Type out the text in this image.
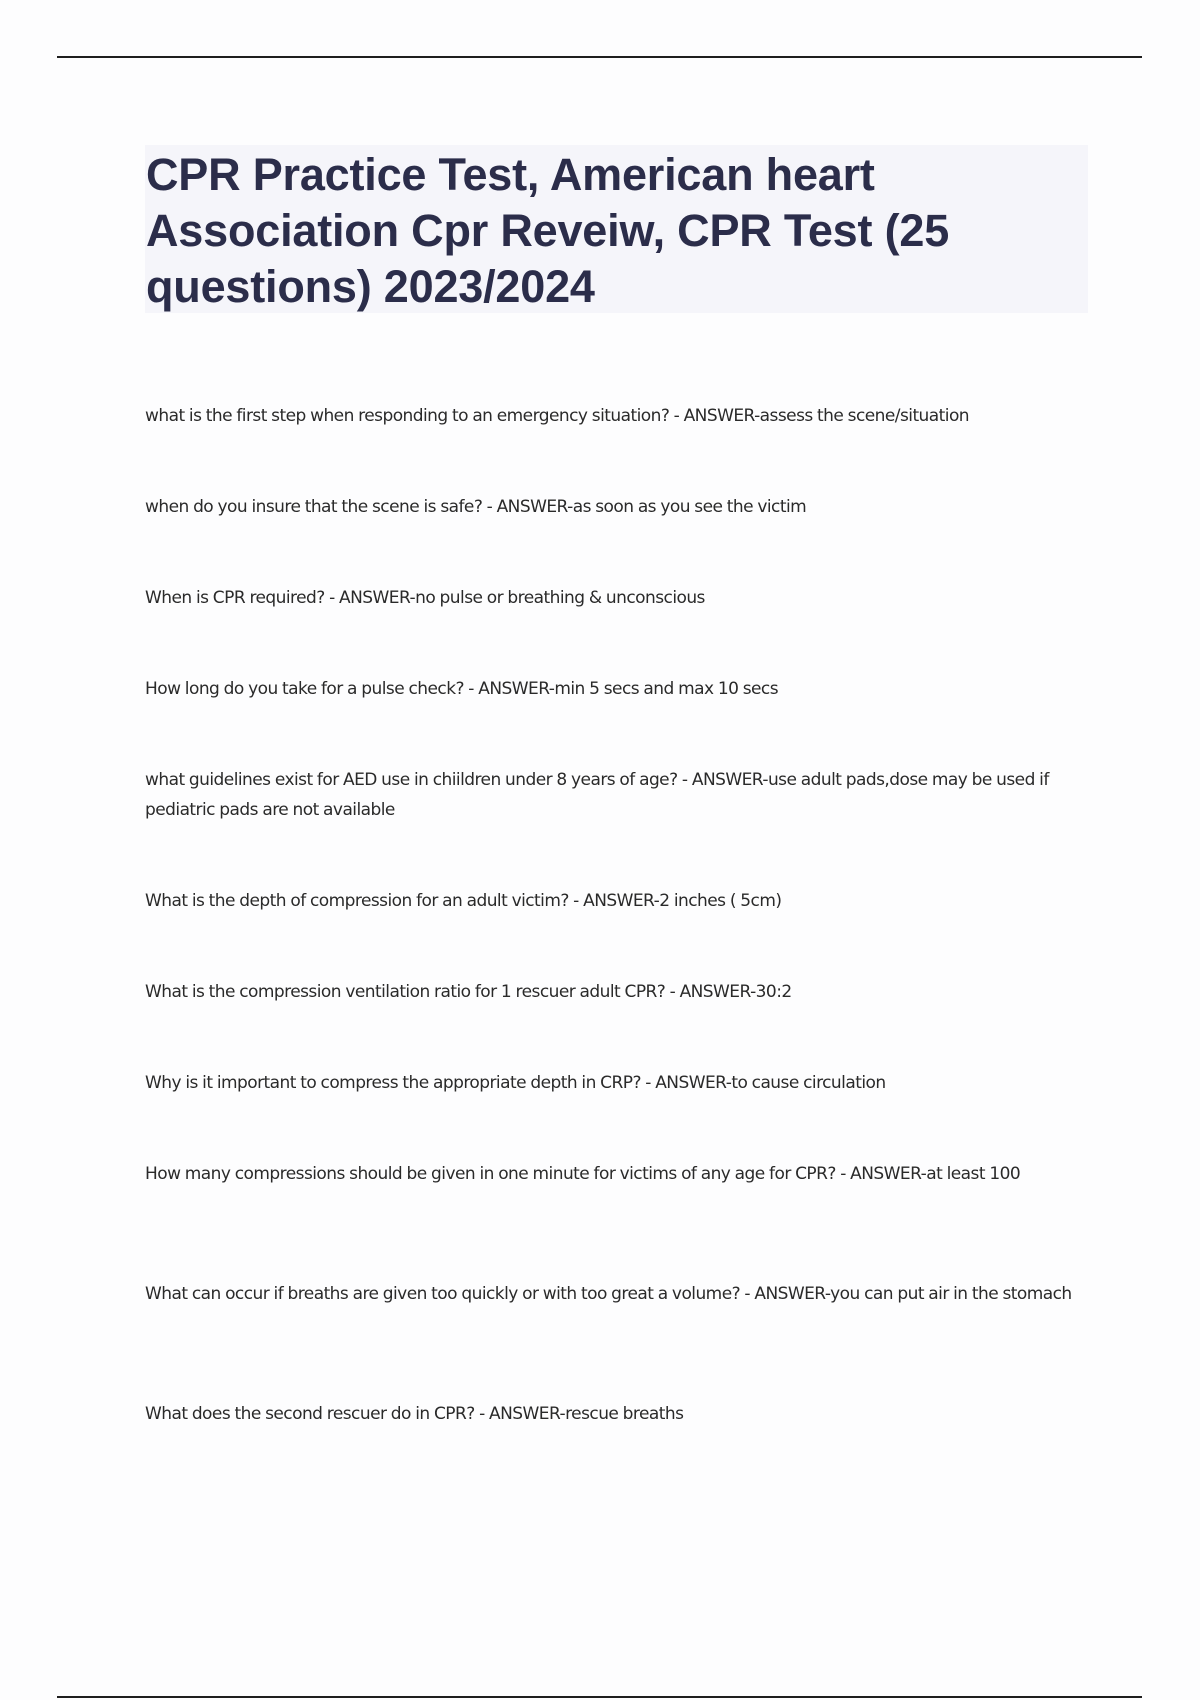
CPR Practice Test, American heart Association Cpr Reveiw, CPR Test (25 questions) 2023/2024

what is the first step when responding to an emergency situation? - ANSWER-assess the scene/situation

when do you insure that the scene is safe? - ANSWER-as soon as you see the victim

When is CPR required? - ANSWER-no pulse or breathing & unconscious

How long do you take for a pulse check? - ANSWER-min 5 secs and max 10 secs

what guidelines exist for AED use in chiildren under 8 years of age? - ANSWER-use adult pads,dose may be used if pediatric pads are not available

What is the depth of compression for an adult victim? - ANSWER-2 inches ( 5cm)

What is the compression ventilation ratio for 1 rescuer adult CPR? - ANSWER-30:2

Why is it important to compress the appropriate depth in CRP? - ANSWER-to cause circulation

How many compressions should be given in one minute for victims of any age for CPR? - ANSWER-at least 100

What can occur if breaths are given too quickly or with too great a volume? - ANSWER-you can put air in the stomach

What does the second rescuer do in CPR? - ANSWER-rescue breaths
